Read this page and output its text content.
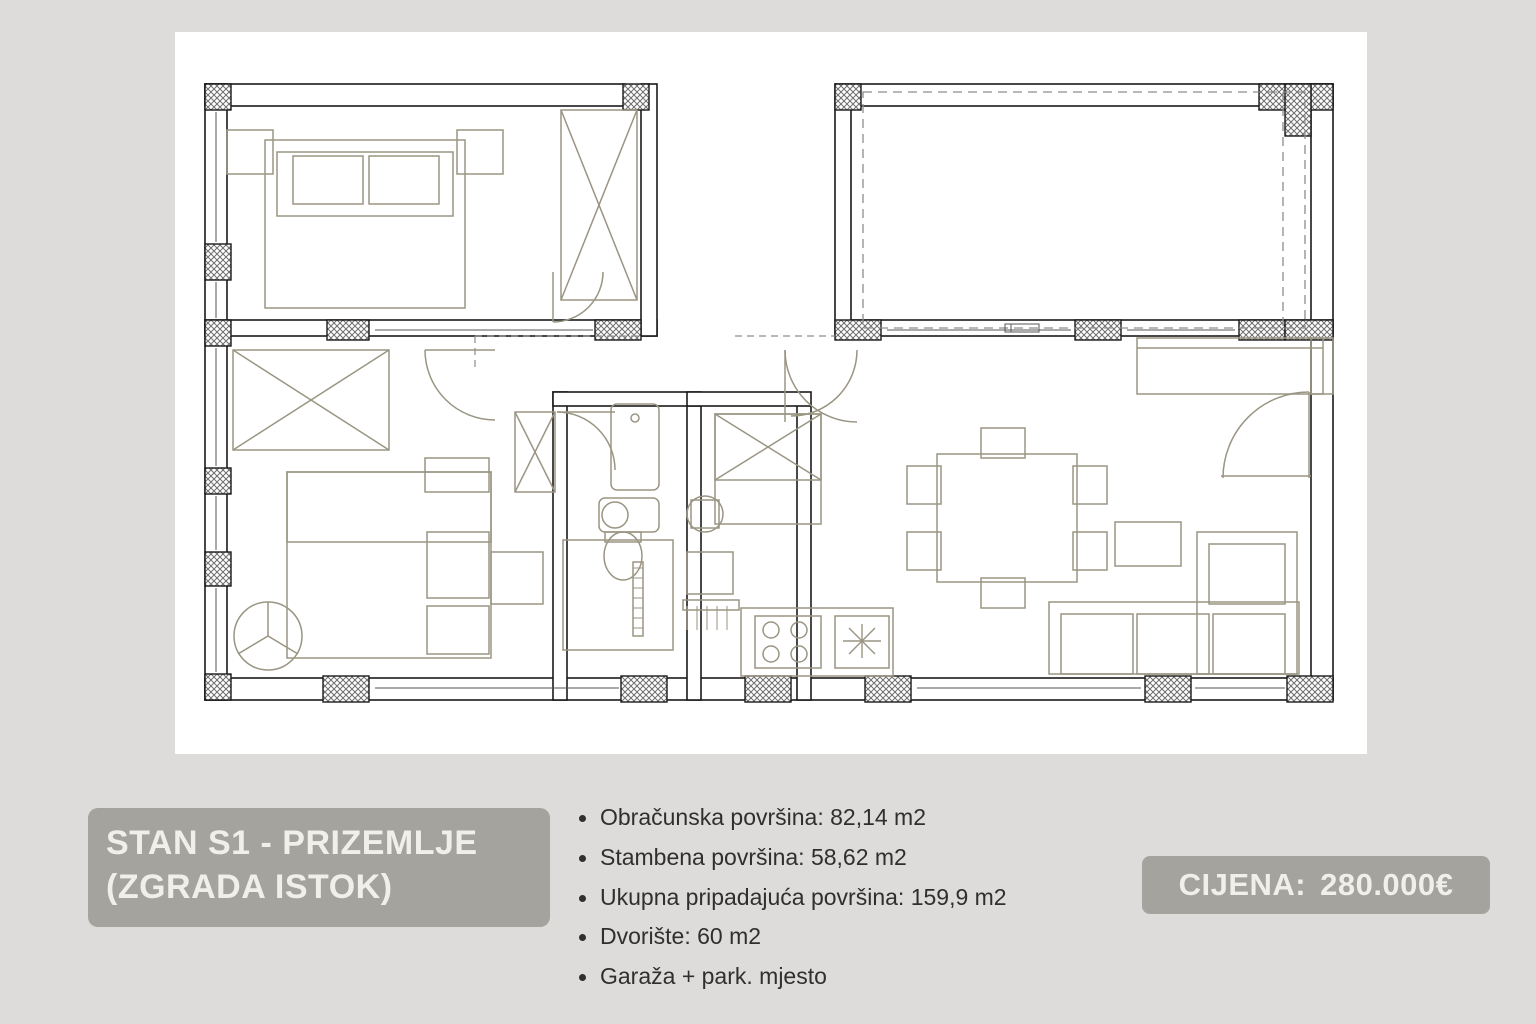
STAN S1 - PRIZEMLJE
(ZGRADA ISTOK)
Obračunska površina: 82,14 m2
Stambena površina: 58,62 m2
Ukupna pripadajuća površina: 159,9 m2
Dvorište: 60 m2
Garaža + park. mjesto
CIJENA: 280.000€
